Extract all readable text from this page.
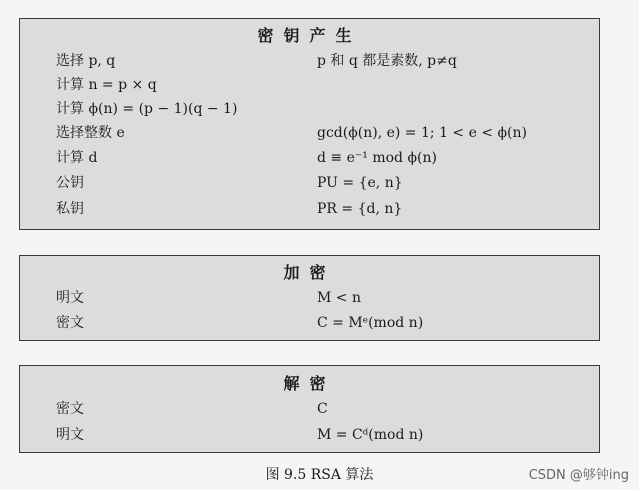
密钥产生
选择 p, q	p 和 q 都是素数, p≠q
计算 n = p × q
计算 ϕ(n) = (p − 1)(q − 1)
选择整数 e	gcd(ϕ(n), e) = 1; 1 < e < ϕ(n)
计算 d	d ≡ e⁻¹ mod ϕ(n)
公钥	PU = {e, n}
私钥	PR = {d, n}
加密
明文	M < n
密文	C = Mᵉ(mod n)
解密
密文	C
明文	M = Cᵈ(mod n)
图 9.5 RSA 算法	CSDN @够钟ing
